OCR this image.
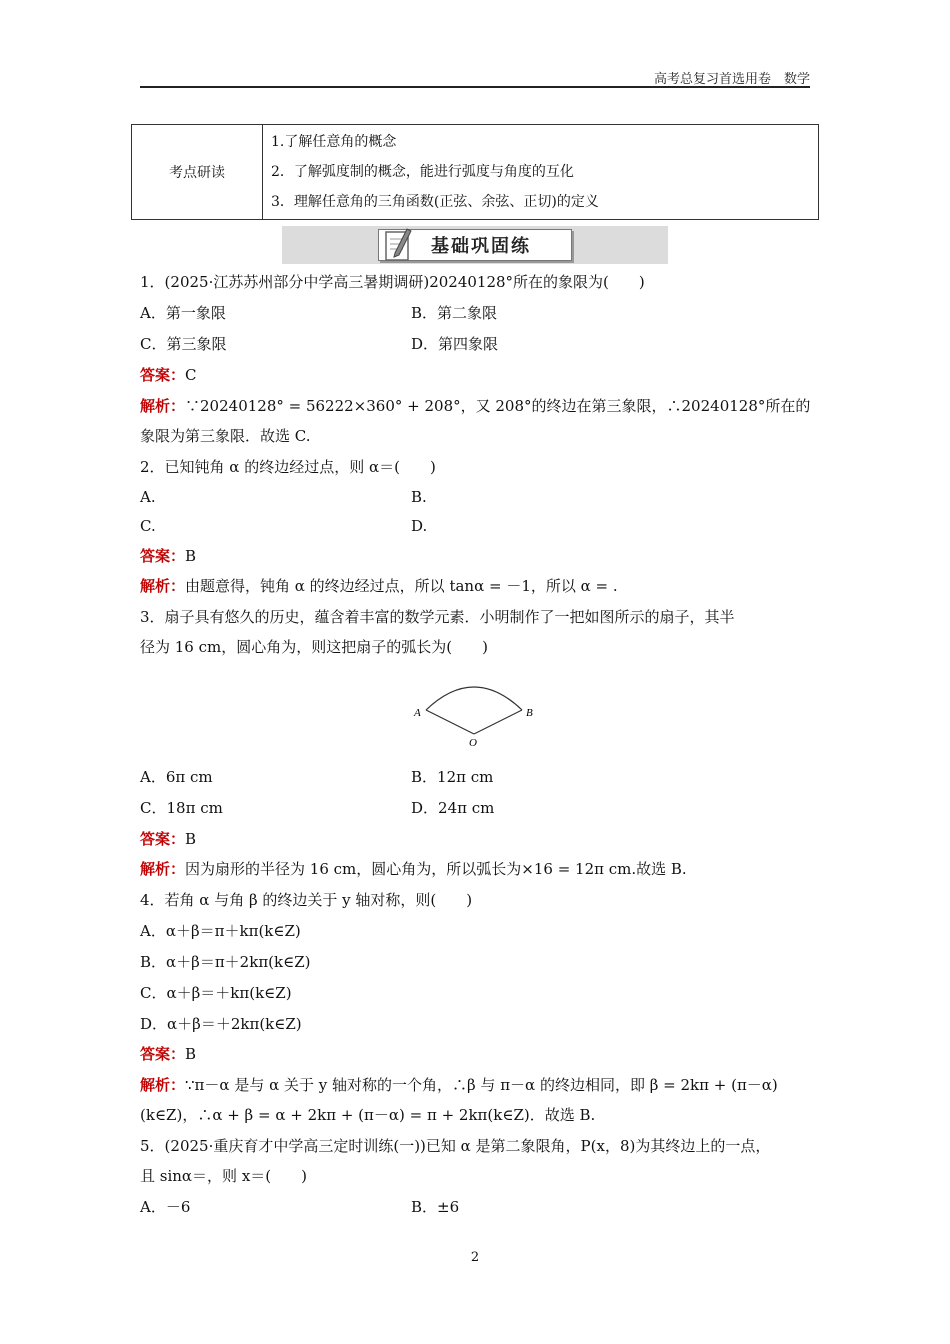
高考总复习首选用卷　数学
考点研读	
1.了解任意角的概念
2．了解弧度制的概念，能进行弧度与角度的互化
3．理解任意角的三角函数(正弦、余弦、正切)的定义
基础巩固练
1．(2025·江苏苏州部分中学高三暑期调研)20240128°所在的象限为(　　)
A．第一象限	B．第二象限
C．第三象限	D．第四象限
答案：C
解析：∵20240128° = 56222×360° + 208°，又 208°的终边在第三象限，∴20240128°所在的
象限为第三象限．故选 C.
2．已知钝角 α 的终边经过点，则 α＝(　　)
A.	B.
C.	D.
答案：B
解析：由题意得，钝角 α 的终边经过点，所以 tanα = －1，所以 α = .
3．扇子具有悠久的历史，蕴含着丰富的数学元素．小明制作了一把如图所示的扇子，其半
径为 16 cm，圆心角为，则这把扇子的弧长为(　　)
A	B
O
A．6π cm	B．12π cm
C．18π cm	D．24π cm
答案：B
解析：因为扇形的半径为 16 cm，圆心角为，所以弧长为×16 = 12π cm.故选 B.
4．若角 α 与角 β 的终边关于 y 轴对称，则(　　)
A．α＋β＝π＋kπ(k∈Z)
B．α＋β＝π＋2kπ(k∈Z)
C．α＋β＝＋kπ(k∈Z)
D．α＋β＝＋2kπ(k∈Z)
答案：B
解析：∵π－α 是与 α 关于 y 轴对称的一个角，∴β 与 π－α 的终边相同，即 β = 2kπ + (π－α)
(k∈Z)，∴α + β = α + 2kπ + (π－α) = π + 2kπ(k∈Z)．故选 B.
5．(2025·重庆育才中学高三定时训练(一))已知 α 是第二象限角，P(x，8)为其终边上的一点，
且 sinα＝，则 x＝(　　)
A．－6	B．±6
2
